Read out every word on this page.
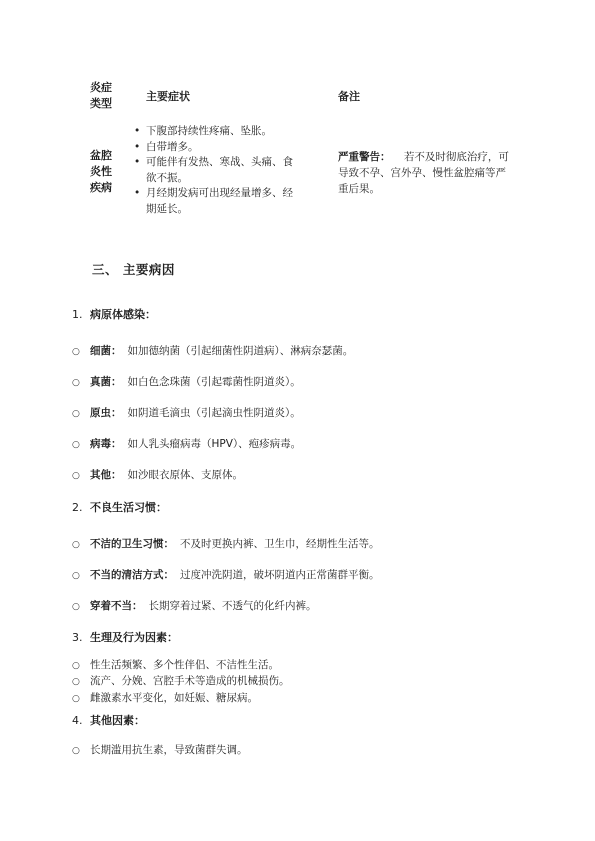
炎症类型
主要症状	备注
盆腔炎性疾病
• 下腹部持续性疼痛、坠胀。
• 白带增多。
• 可能伴有发热、寒战、头痛、食欲不振。
• 月经期发病可出现经量增多、经期延长。
严重警告： 若不及时彻底治疗，可导致不孕、宫外孕、慢性盆腔痛等严重后果。
三、 主要病因
1. 病原体感染：
○ 细菌： 如加德纳菌（引起细菌性阴道病）、淋病奈瑟菌。
○ 真菌： 如白色念珠菌（引起霉菌性阴道炎）。
○ 原虫： 如阴道毛滴虫（引起滴虫性阴道炎）。
○ 病毒： 如人乳头瘤病毒（HPV）、疱疹病毒。
○ 其他： 如沙眼衣原体、支原体。
2. 不良生活习惯：
○ 不洁的卫生习惯： 不及时更换内裤、卫生巾，经期性生活等。
○ 不当的清洁方式： 过度冲洗阴道，破坏阴道内正常菌群平衡。
○ 穿着不当： 长期穿着过紧、不透气的化纤内裤。
3. 生理及行为因素：
○ 性生活频繁、多个性伴侣、不洁性生活。
○ 流产、分娩、宫腔手术等造成的机械损伤。
○ 雌激素水平变化，如妊娠、糖尿病。
4. 其他因素：
○ 长期滥用抗生素，导致菌群失调。
